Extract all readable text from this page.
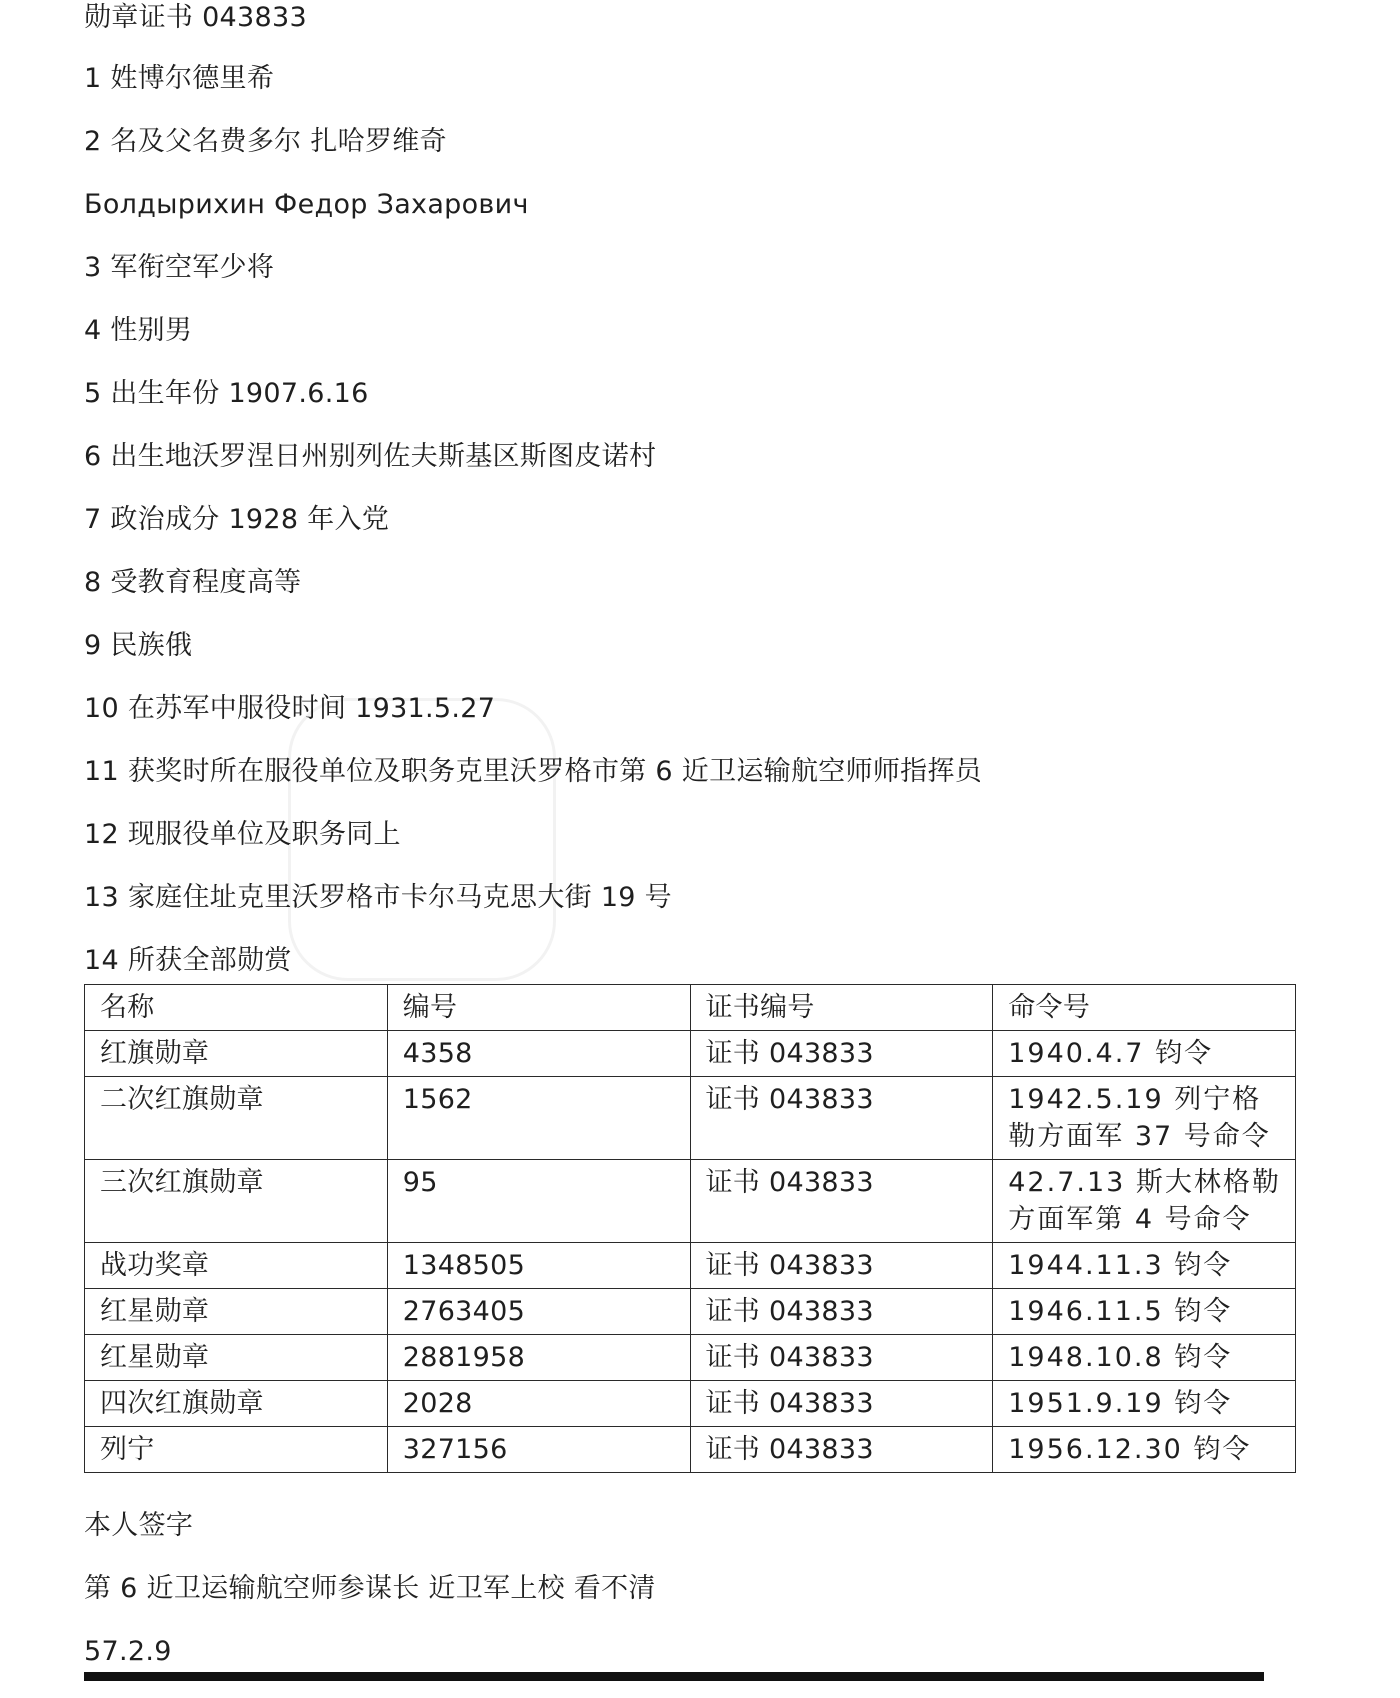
勋章证书 043833
1 姓博尔德里希
2 名及父名费多尔 扎哈罗维奇
Болдырихин Федор Захарович
3 军衔空军少将
4 性别男
5 出生年份 1907.6.16
6 出生地沃罗涅日州别列佐夫斯基区斯图皮诺村
7 政治成分 1928 年入党
8 受教育程度高等
9 民族俄
10 在苏军中服役时间 1931.5.27
11 获奖时所在服役单位及职务克里沃罗格市第 6 近卫运输航空师师指挥员
12 现服役单位及职务同上
13 家庭住址克里沃罗格市卡尔马克思大街 19 号
14 所获全部勋赏
名称	编号	证书编号	命令号
红旗勋章	4358	证书 043833	1940.4.7 钧令
二次红旗勋章	1562	证书 043833	1942.5.19 列宁格勒方面军 37 号命令
三次红旗勋章	95	证书 043833	42.7.13 斯大林格勒方面军第 4 号命令
战功奖章	1348505	证书 043833	1944.11.3 钧令
红星勋章	2763405	证书 043833	1946.11.5 钧令
红星勋章	2881958	证书 043833	1948.10.8 钧令
四次红旗勋章	2028	证书 043833	1951.9.19 钧令
列宁	327156	证书 043833	1956.12.30 钧令
本人签字
第 6 近卫运输航空师参谋长 近卫军上校 看不清
57.2.9
